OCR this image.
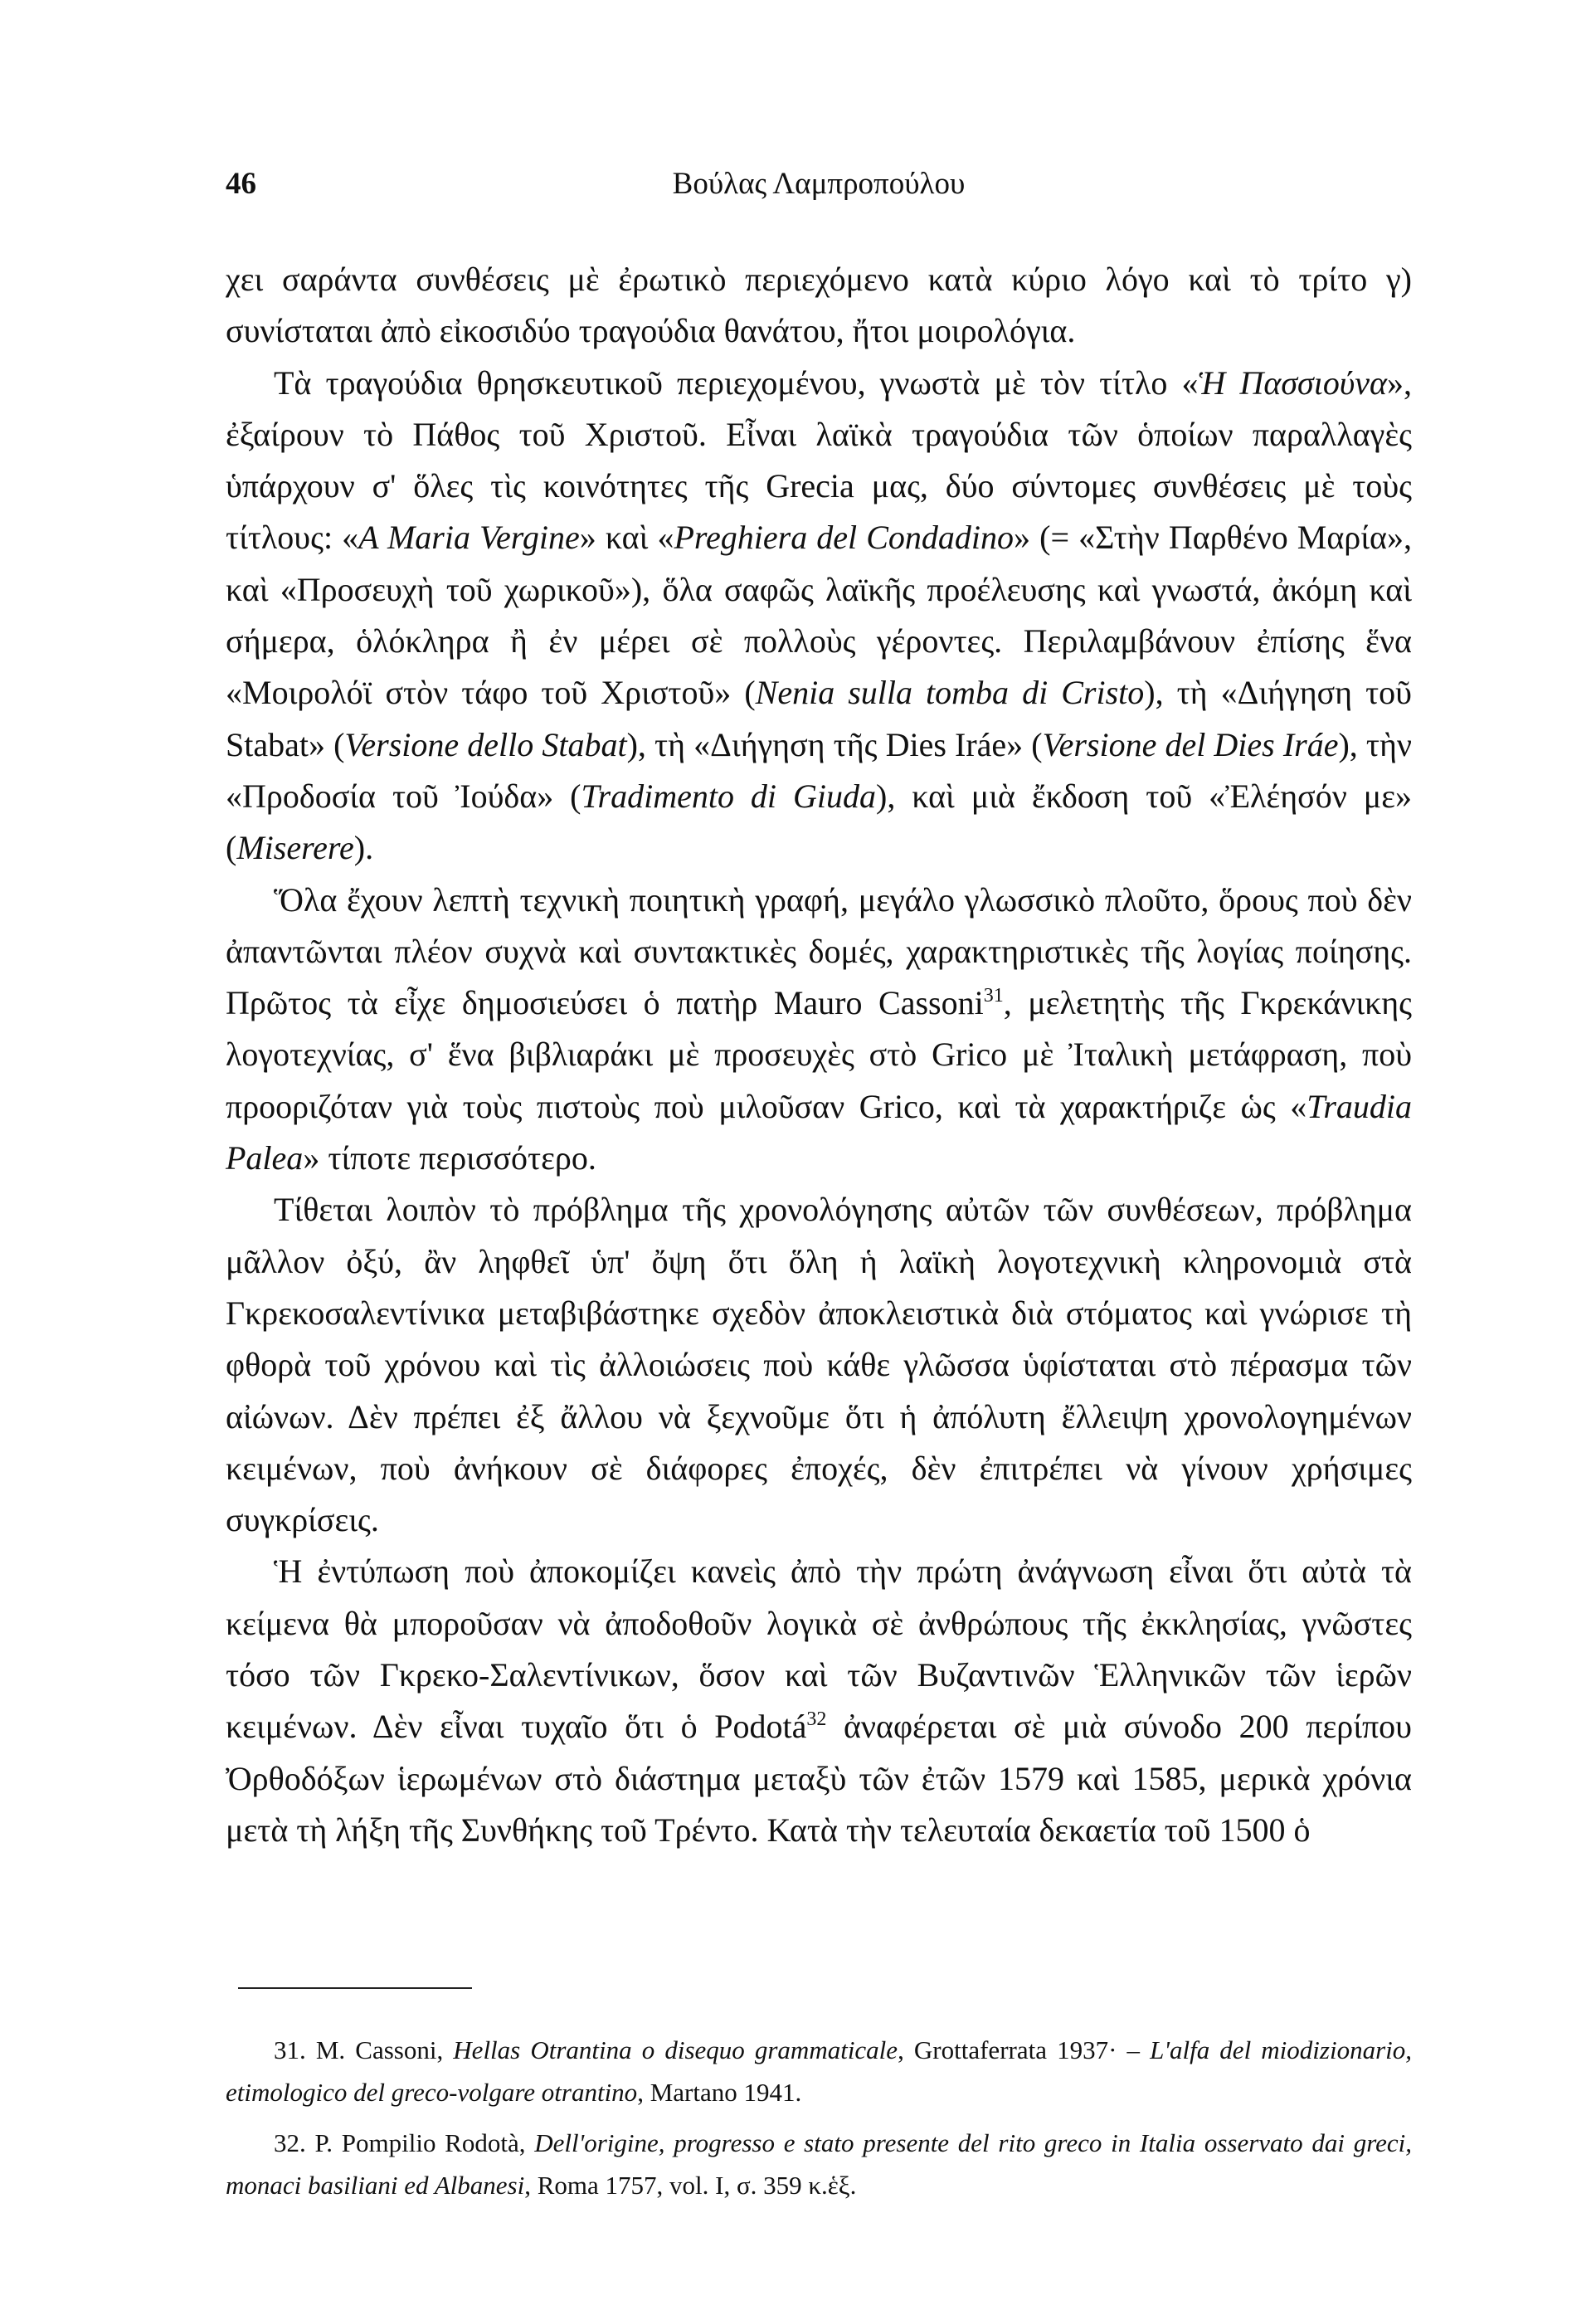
46	Βούλας Λαμπροπούλου

χει σαράντα συνθέσεις μὲ ἐρωτικὸ περιεχόμενο κατὰ κύριο λόγο καὶ τὸ τρίτο γ) συνίσταται ἀπὸ εἰκοσιδύο τραγούδια θανάτου, ἤτοι μοιρολόγια.

Τὰ τραγούδια θρησκευτικοῦ περιεχομένου, γνωστὰ μὲ τὸν τίτλο «Ἡ Πασσιούνα», ἐξαίρουν τὸ Πάθος τοῦ Χριστοῦ. Εἶναι λαϊκὰ τραγούδια τῶν ὁποίων παραλλαγὲς ὑπάρχουν σ' ὅλες τὶς κοινότητες τῆς Grecia μας, δύο σύντομες συνθέσεις μὲ τοὺς τίτλους: «A Maria Vergine» καὶ «Preghiera del Condadino» (= «Στὴν Παρθένο Μαρία», καὶ «Προσευχὴ τοῦ χωρικοῦ»), ὅλα σαφῶς λαϊκῆς προέλευσης καὶ γνωστά, ἀκόμη καὶ σήμερα, ὁλόκληρα ἢ ἐν μέρει σὲ πολλοὺς γέροντες. Περιλαμβάνουν ἐπίσης ἕνα «Μοιρολόϊ στὸν τάφο τοῦ Χριστοῦ» (Nenia sulla tomba di Cristo), τὴ «Διήγηση τοῦ Stabat» (Versione dello Stabat), τὴ «Διήγηση τῆς Dies Iráe» (Versione del Dies Iráe), τὴν «Προδοσία τοῦ Ἰούδα» (Tradimento di Giuda), καὶ μιὰ ἔκδοση τοῦ «Ἐλέησόν με» (Miserere).

Ὅλα ἔχουν λεπτὴ τεχνικὴ ποιητικὴ γραφή, μεγάλο γλωσσικὸ πλοῦτο, ὅρους ποὺ δὲν ἀπαντῶνται πλέον συχνὰ καὶ συντακτικὲς δομές, χαρακτηριστικὲς τῆς λογίας ποίησης. Πρῶτος τὰ εἶχε δημοσιεύσει ὁ πατὴρ Mauro Cassoni$^{31}$, μελετητὴς τῆς Γκρεκάνικης λογοτεχνίας, σ' ἕνα βιβλιαράκι μὲ προσευχὲς στὸ Grico μὲ Ἰταλικὴ μετάφραση, ποὺ προοριζόταν γιὰ τοὺς πιστοὺς ποὺ μιλοῦσαν Grico, καὶ τὰ χαρακτήριζε ὡς «Traudia Palea» τίποτε περισσότερο.

Τίθεται λοιπὸν τὸ πρόβλημα τῆς χρονολόγησης αὐτῶν τῶν συνθέσεων, πρόβλημα μᾶλλον ὀξύ, ἂν ληφθεῖ ὑπ' ὄψη ὅτι ὅλη ἡ λαϊκὴ λογοτεχνικὴ κληρονομιὰ στὰ Γκρεκοσαλεντίνικα μεταβιβάστηκε σχεδὸν ἀποκλειστικὰ διὰ στόματος καὶ γνώρισε τὴ φθορὰ τοῦ χρόνου καὶ τὶς ἀλλοιώσεις ποὺ κάθε γλῶσσα ὑφίσταται στὸ πέρασμα τῶν αἰώνων. Δὲν πρέπει ἐξ ἄλλου νὰ ξεχνοῦμε ὅτι ἡ ἀπόλυτη ἔλλειψη χρονολογημένων κειμένων, ποὺ ἀνήκουν σὲ διάφορες ἐποχές, δὲν ἐπιτρέπει νὰ γίνουν χρήσιμες συγκρίσεις.

Ἡ ἐντύπωση ποὺ ἀποκομίζει κανεὶς ἀπὸ τὴν πρώτη ἀνάγνωση εἶναι ὅτι αὐτὰ τὰ κείμενα θὰ μποροῦσαν νὰ ἀποδοθοῦν λογικὰ σὲ ἀνθρώπους τῆς ἐκκλησίας, γνῶστες τόσο τῶν Γκρεκο-Σαλεντίνικων, ὅσον καὶ τῶν Βυζαντινῶν Ἑλληνικῶν τῶν ἱερῶν κειμένων. Δὲν εἶναι τυχαῖο ὅτι ὁ Podotá$^{32}$ ἀναφέρεται σὲ μιὰ σύνοδο 200 περίπου Ὀρθοδόξων ἱερωμένων στὸ διάστημα μεταξὺ τῶν ἐτῶν 1579 καὶ 1585, μερικὰ χρόνια μετὰ τὴ λήξη τῆς Συνθήκης τοῦ Τρέντο. Κατὰ τὴν τελευταία δεκαετία τοῦ 1500 ὁ

31. M. Cassoni, Hellas Otrantina o disequo grammaticale, Grottaferrata 1937· – L'alfa del miodizionario, etimologico del greco-volgare otrantino, Martano 1941.

32. P. Pompilio Rodotà, Dell'origine, progresso e stato presente del rito greco in Italia osservato dai greci, monaci basiliani ed Albanesi, Roma 1757, vol. I, σ. 359 κ.ἑξ.
